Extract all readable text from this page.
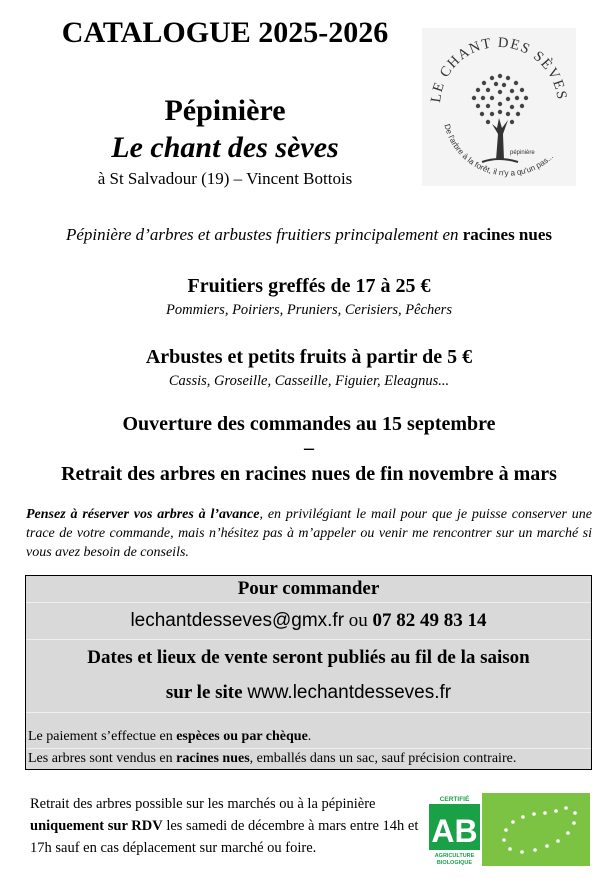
CATALOGUE 2025-2026
Pépinière
Le chant des sèves
à St Salvadour (19) – Vincent Bottois
LE CHANT DES SÈVES
De l'arbre à la forêt, il n'y a qu'un pas...
pépinière
Pépinière d’arbres et arbustes fruitiers principalement en racines nues
Fruitiers greffés de 17 à 25 €
Pommiers, Poiriers, Pruniers, Cerisiers, Pêchers
Arbustes et petits fruits à partir de 5 €
Cassis, Groseille, Casseille, Figuier, Eleagnus...
Ouverture des commandes au 15 septembre
–
Retrait des arbres en racines nues de fin novembre à mars
Pensez à réserver vos arbres à l’avance, en privilégiant le mail pour que je puisse conserver une trace de votre commande, mais n’hésitez pas à m’appeler ou venir me rencontrer sur un marché si vous avez besoin de conseils.
Pour commander
lechantdesseves@gmx.fr ou 07 82 49 83 14
Dates et lieux de vente seront publiés au fil de la saison
sur le site www.lechantdesseves.fr
Le paiement s’effectue en espèces ou par chèque.
Les arbres sont vendus en racines nues, emballés dans un sac, sauf précision contraire.
Retrait des arbres possible sur les marchés ou à la pépinière uniquement sur RDV les samedi de décembre à mars entre 14h et 17h sauf en cas déplacement sur marché ou foire.
CERTIFIÉ
AB
AGRICULTURE
BIOLOGIQUE
